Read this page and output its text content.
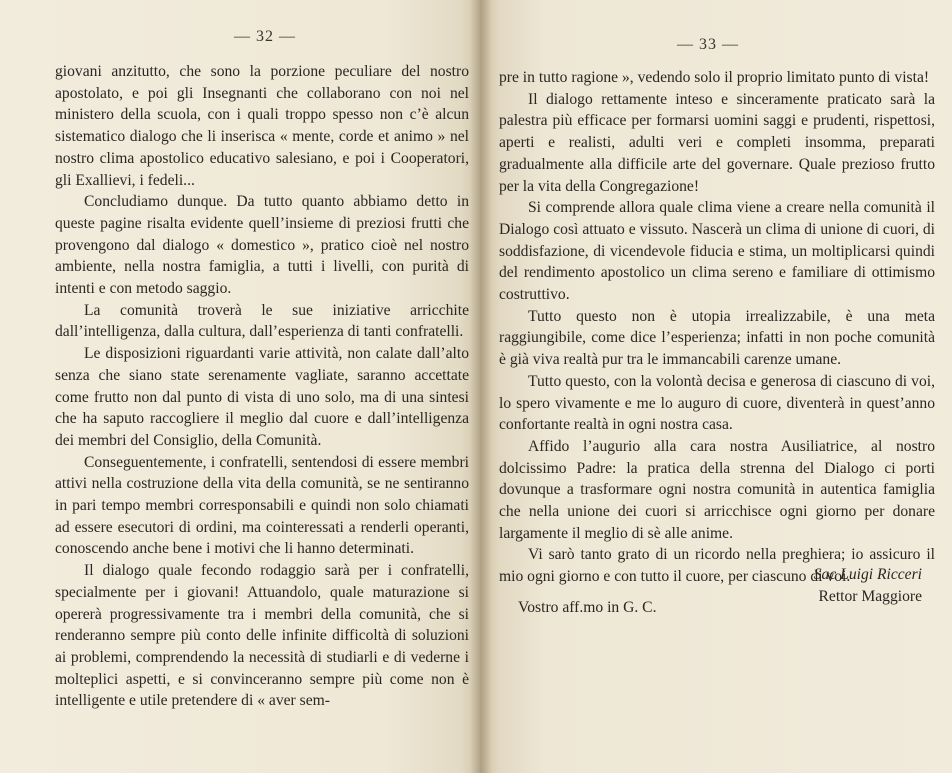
— 32 —

giovani anzitutto, che sono la porzione peculiare del nostro apostolato, e poi gli Insegnanti che collaborano con noi nel ministero della scuola, con i quali troppo spesso non c’è alcun sistematico dialogo che li inserisca « mente, corde et animo » nel nostro clima apostolico educativo salesiano, e poi i Cooperatori, gli Exallievi, i fedeli...

Concludiamo dunque. Da tutto quanto abbiamo detto in queste pagine risalta evidente quell’insieme di preziosi frutti che provengono dal dialogo « domestico », pratico cioè nel nostro ambiente, nella nostra famiglia, a tutti i livelli, con purità di intenti e con metodo saggio.

La comunità troverà le sue iniziative arricchite dall’intelligenza, dalla cultura, dall’esperienza di tanti confratelli.

Le disposizioni riguardanti varie attività, non calate dall’alto senza che siano state serenamente vagliate, saranno accettate come frutto non dal punto di vista di uno solo, ma di una sintesi che ha saputo raccogliere il meglio dal cuore e dall’intelligenza dei membri del Consiglio, della Comunità.

Conseguentemente, i confratelli, sentendosi di essere membri attivi nella costruzione della vita della comunità, se ne sentiranno in pari tempo membri corresponsabili e quindi non solo chiamati ad essere esecutori di ordini, ma cointeressati a renderli operanti, conoscendo anche bene i motivi che li hanno determinati.

Il dialogo quale fecondo rodaggio sarà per i confratelli, specialmente per i giovani! Attuandolo, quale maturazione si opererà progressivamente tra i membri della comunità, che si renderanno sempre più conto delle infinite difficoltà di soluzioni ai problemi, comprendendo la necessità di studiarli e di vederne i molteplici aspetti, e si convinceranno sempre più come non è intelligente e utile pretendere di « aver sem-

— 33 —

pre in tutto ragione », vedendo solo il proprio limitato punto di vista!

Il dialogo rettamente inteso e sinceramente praticato sarà la palestra più efficace per formarsi uomini saggi e prudenti, rispettosi, aperti e realisti, adulti veri e completi insomma, preparati gradualmente alla difficile arte del governare. Quale prezioso frutto per la vita della Congregazione!

Si comprende allora quale clima viene a creare nella comunità il Dialogo così attuato e vissuto. Nascerà un clima di unione di cuori, di soddisfazione, di vicendevole fiducia e stima, un moltiplicarsi quindi del rendimento apostolico un clima sereno e familiare di ottimismo costruttivo.

Tutto questo non è utopia irrealizzabile, è una meta raggiungibile, come dice l’esperienza; infatti in non poche comunità è già viva realtà pur tra le immancabili carenze umane.

Tutto questo, con la volontà decisa e generosa di ciascuno di voi, lo spero vivamente e me lo auguro di cuore, diventerà in quest’anno confortante realtà in ogni nostra casa.

Affido l’augurio alla cara nostra Ausiliatrice, al nostro dolcissimo Padre: la pratica della strenna del Dialogo ci porti dovunque a trasformare ogni nostra comunità in autentica famiglia che nella unione dei cuori si arricchisce ogni giorno per donare largamente il meglio di sè alle anime.

Vi sarò tanto grato di un ricordo nella preghiera; io assicuro il mio ogni giorno e con tutto il cuore, per ciascuno di voi.

Vostro aff.mo in G. C.

Sac Luigi Ricceri
Rettor Maggiore
